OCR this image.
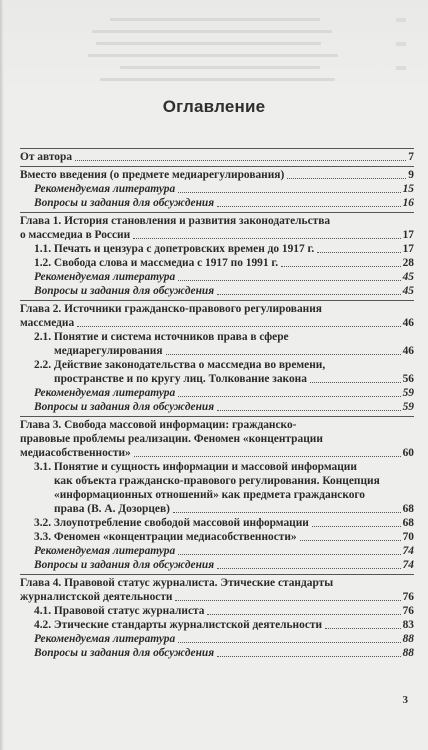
Оглавление
От автора	7
Вместо введения (о предмете медиарегулирования)	9
Рекомендуемая литература	15
Вопросы и задания для обсуждения	16
Глава 1. История становления и развития законодательства
о массмедиа в России	17
1.1. Печать и цензура с допетровских времен до 1917 г.	17
1.2. Свобода слова и массмедиа с 1917 по 1991 г.	28
Рекомендуемая литература	45
Вопросы и задания для обсуждения	45
Глава 2. Источники гражданско-правового регулирования
массмедиа	46
2.1. Понятие и система источников права в сфере
медиарегулирования	46
2.2. Действие законодательства о массмедиа во времени,
пространстве и по кругу лиц. Толкование закона	56
Рекомендуемая литература	59
Вопросы и задания для обсуждения	59
Глава 3. Свобода массовой информации: гражданско-
правовые проблемы реализации. Феномен «концентрации
медиасобственности»	60
3.1. Понятие и сущность информации и массовой информации
как объекта гражданско-правового регулирования. Концепция
«информационных отношений» как предмета гражданского
права (В. А. Дозорцев)	68
3.2. Злоупотребление свободой массовой информации	68
3.3. Феномен «концентрации медиасобственности»	70
Рекомендуемая литература	74
Вопросы и задания для обсуждения	74
Глава 4. Правовой статус журналиста. Этические стандарты
журналистской деятельности	76
4.1. Правовой статус журналиста	76
4.2. Этические стандарты журналистской деятельности	83
Рекомендуемая литература	88
Вопросы и задания для обсуждения	88
3
